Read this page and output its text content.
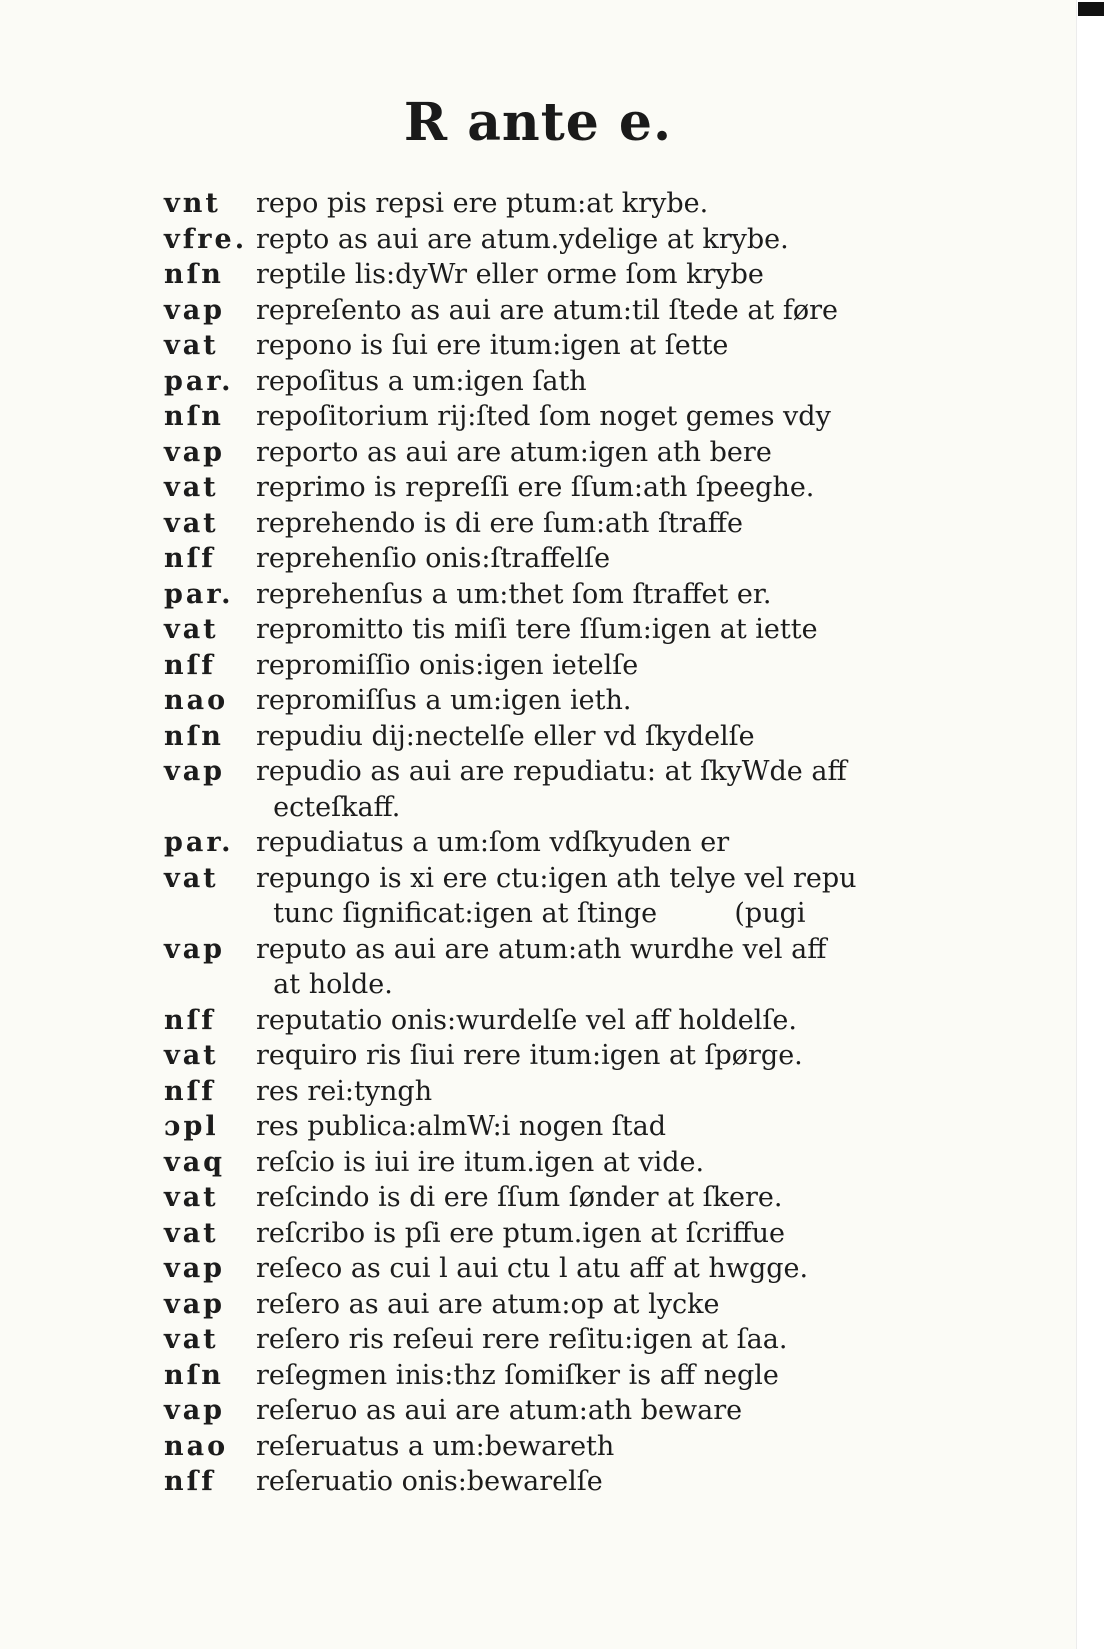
R ante e.
vnt	repo pis repsi ere ptum:at krybe.
vfre. repto as aui are atum.ydelige at krybe.
nſn	reptile lis:dyWr eller orme ſom krybe
vap	repreſento as aui are atum:til ſtede at føre
vat	repono is ſui ere itum:igen at ſette
par. repoſitus a um:igen ſath
nſn	repoſitorium rij:ſted ſom noget gemes vdy
vap	reporto as aui are atum:igen ath bere
vat	reprimo is repreſſi ere ſſum:ath ſpeeghe.
vat	reprehendo is di ere ſum:ath ſtraffe
nſf	reprehenſio onis:ſtraffelſe
par. reprehenſus a um:thet ſom ſtraffet er.
vat	repromitto tis miſi tere ſſum:igen at iette
nſf	repromiſſio onis:igen ietelſe
nao	repromiſſus a um:igen ieth.
nſn	repudiu dij:nectelſe eller vd ſkydelſe
vap	repudio as aui are repudiatu: at ſkyWde aff
ecteſkaff.
par. repudiatus a um:ſom vdſkyuden er
vat	repungo is xi ere ctu:igen ath telye vel repu
tunc ſignificat:igen at ſtinge         (pugi
vap	reputo as aui are atum:ath wurdhe vel aff
at holde.
nſf	reputatio onis:wurdelſe vel aff holdelſe.
vat	requiro ris ſiui rere itum:igen at ſpørge.
nſf	res rei:tyngh
ɔpl	res publica:almW:i nogen ſtad
vaq	reſcio is iui ire itum.igen at vide.
vat	reſcindo is di ere ſſum ſønder at ſkere.
vat	reſcribo is pſi ere ptum.igen at ſcriffue
vap	reſeco as cui l aui ctu l atu aff at hwgge.
vap	reſero as aui are atum:op at lycke
vat	reſero ris reſeui rere reſitu:igen at ſaa.
nſn	reſegmen inis:thz ſomiſker is aff negle
vap	reſeruo as aui are atum:ath beware
nao	reſeruatus a um:bewareth
nſf	reſeruatio onis:bewarelſe
